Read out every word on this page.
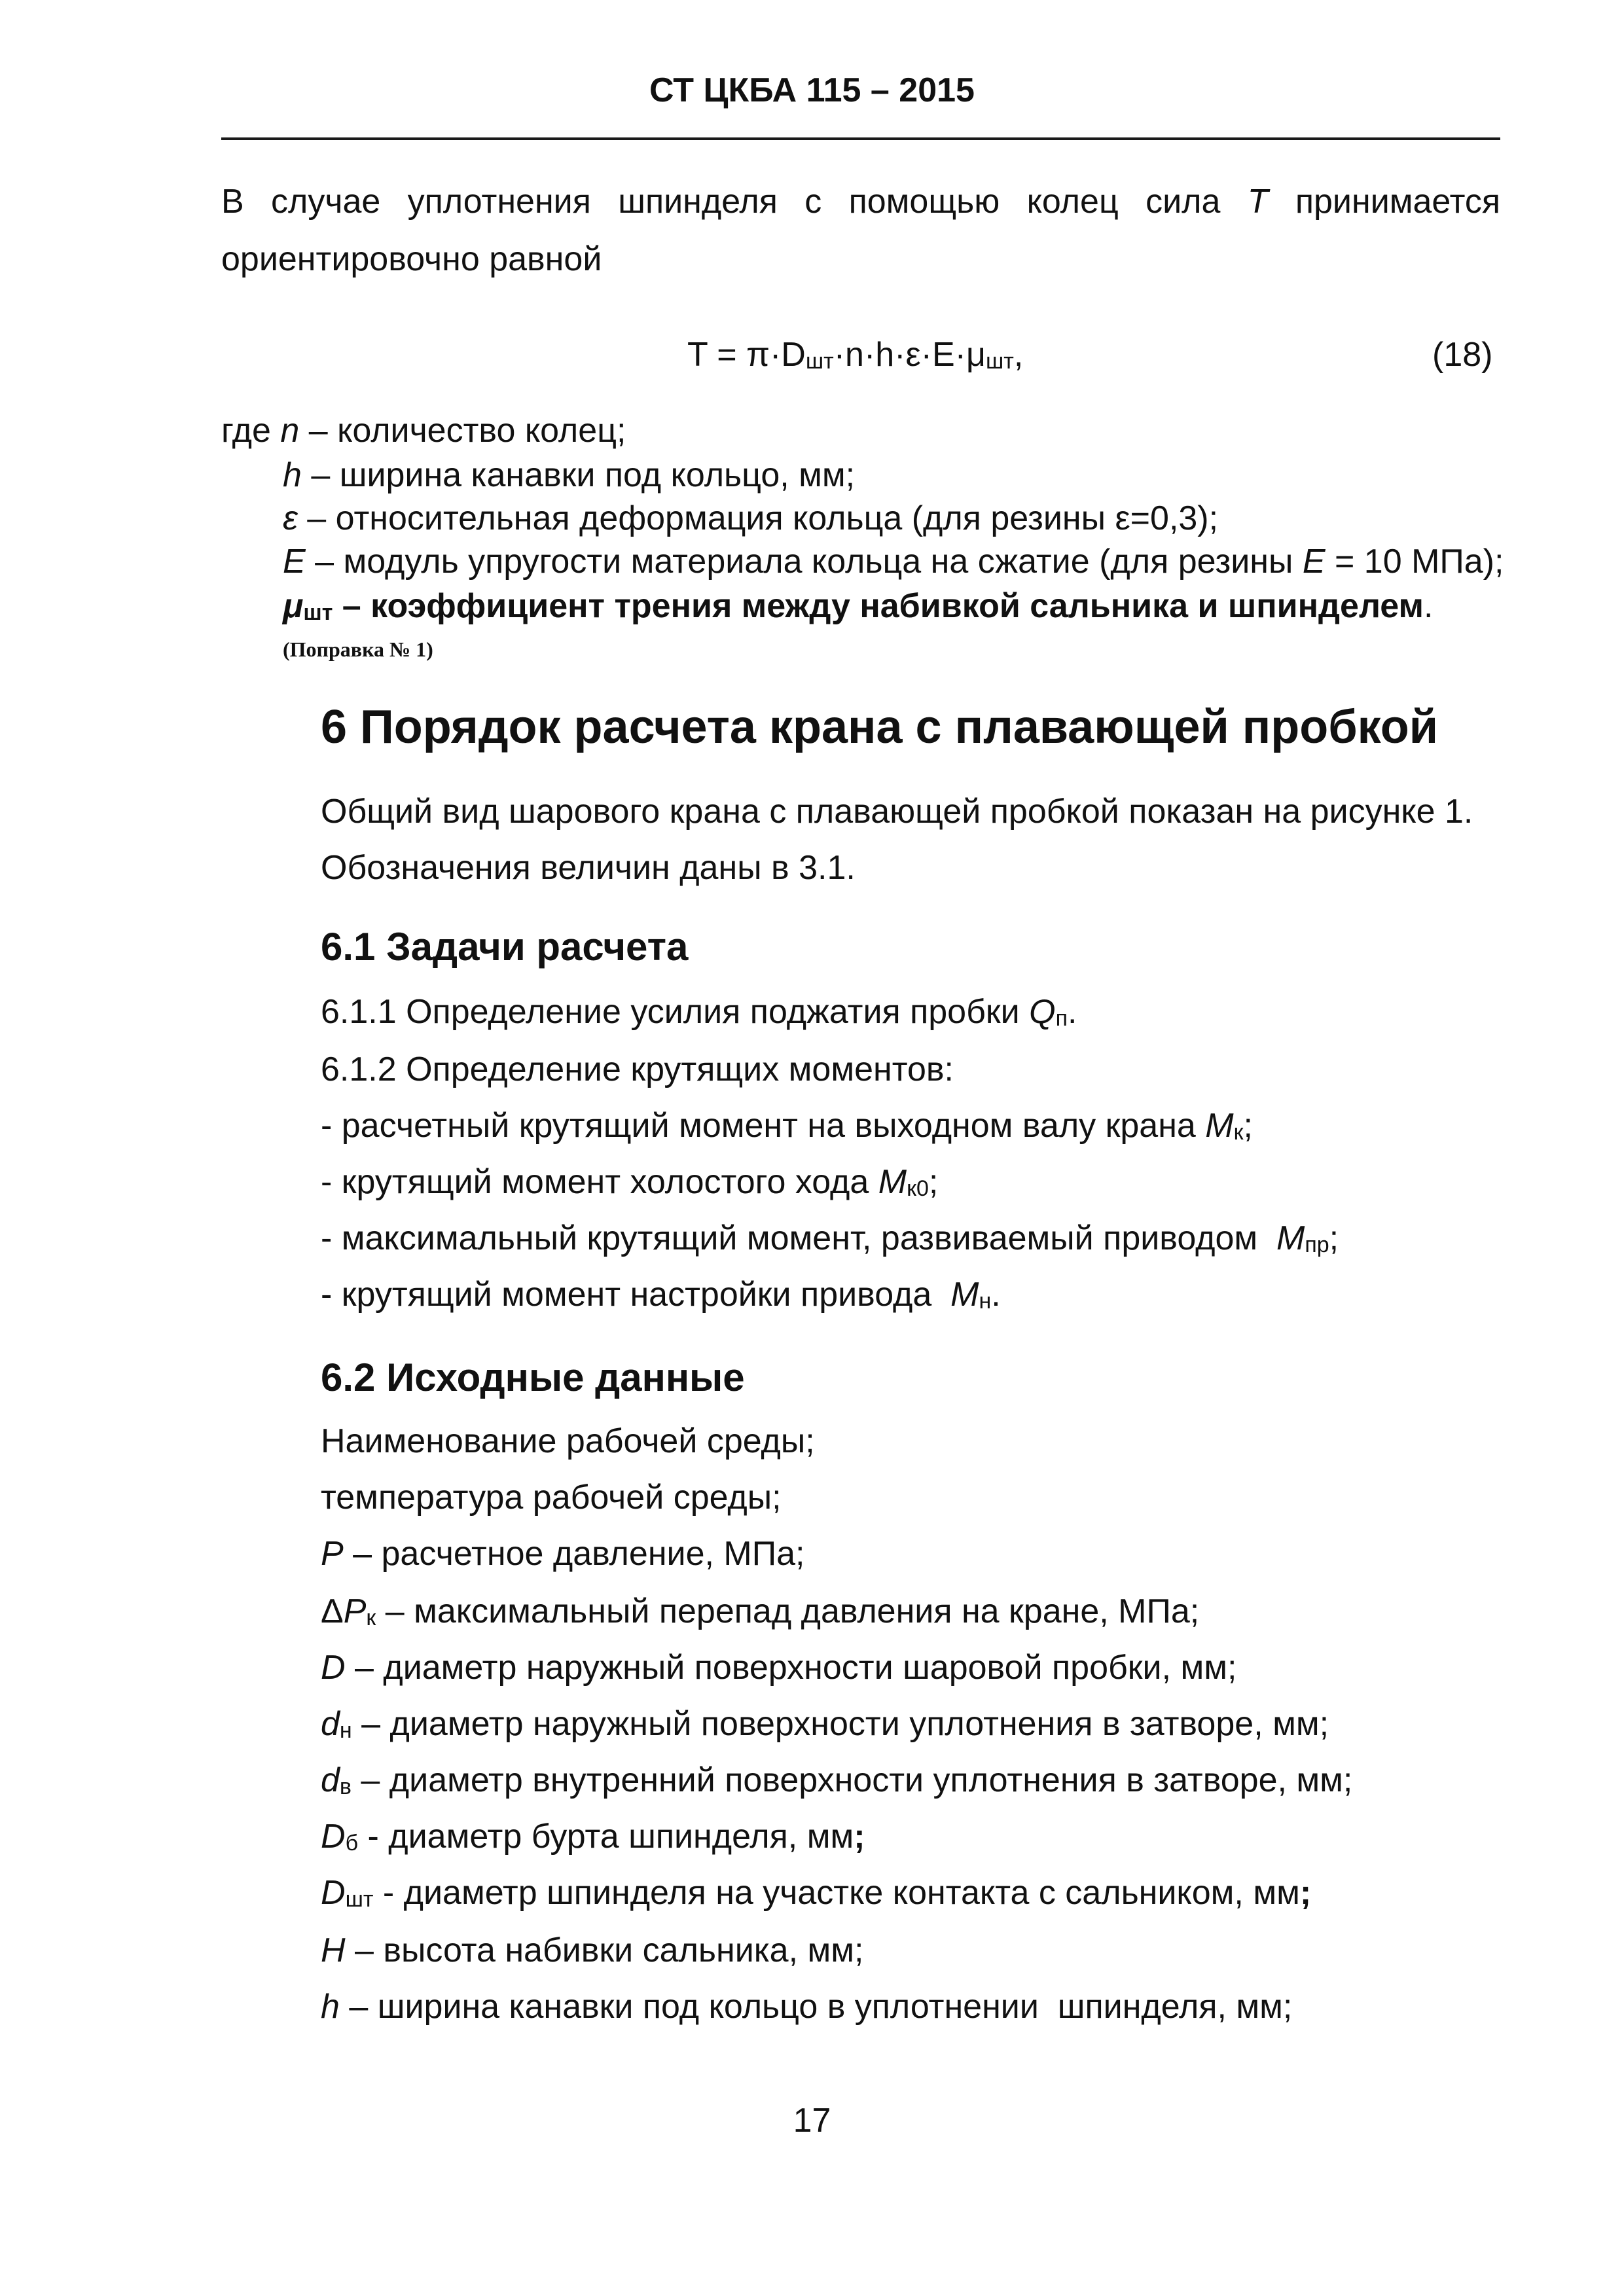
СТ ЦКБА 115 – 2015
В случае уплотнения шпинделя с помощью колец сила T принимается
ориентировочно равной
T = π·Dшт·n·h·ε·E·μшт,	(18)
где n – количество колец;
h – ширина канавки под кольцо, мм;
ε – относительная деформация кольца (для резины ε=0,3);
E – модуль упругости материала кольца на сжатие (для резины E = 10 МПа);
μшт – коэффициент трения между набивкой сальника и шпинделем.
(Поправка № 1)
6 Порядок расчета крана с плавающей пробкой
Общий вид шарового крана с плавающей пробкой показан на рисунке 1.
Обозначения величин даны в 3.1.
6.1 Задачи расчета
6.1.1 Определение усилия поджатия пробки Qп.
6.1.2 Определение крутящих моментов:
- расчетный крутящий момент на выходном валу крана Mк;
- крутящий момент холостого хода Mк0;
- максимальный крутящий момент, развиваемый приводом  Mпр;
- крутящий момент настройки привода  Mн.
6.2 Исходные данные
Наименование рабочей среды;
температура рабочей среды;
P – расчетное давление, МПа;
ΔPк – максимальный перепад давления на кране, МПа;
D – диаметр наружный поверхности шаровой пробки, мм;
dн – диаметр наружный поверхности уплотнения в затворе, мм;
dв – диаметр внутренний поверхности уплотнения в затворе, мм;
Dб - диаметр бурта шпинделя, мм;
Dшт - диаметр шпинделя на участке контакта с сальником, мм;
H – высота набивки сальника, мм;
h – ширина канавки под кольцо в уплотнении  шпинделя, мм;
17
